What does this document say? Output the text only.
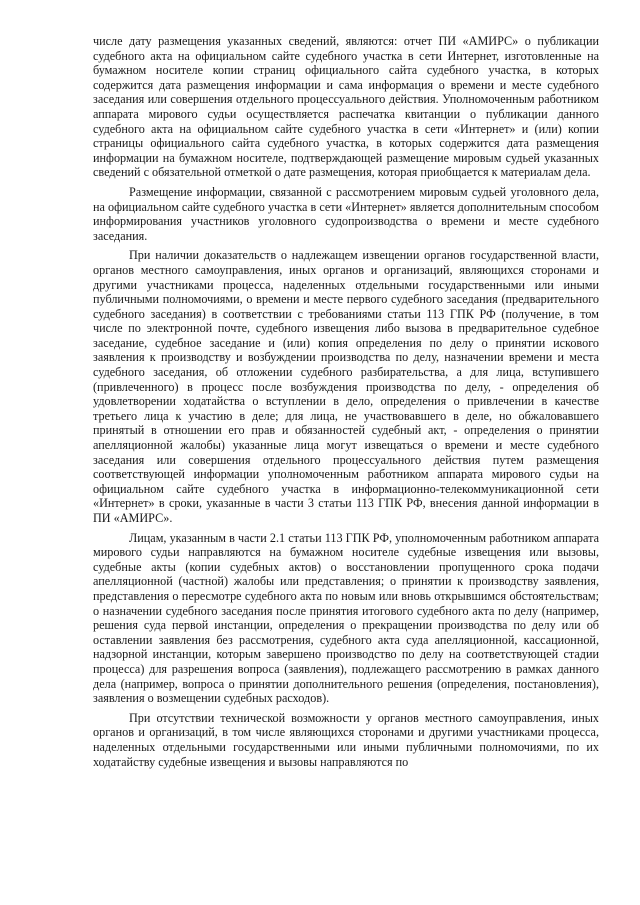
числе дату размещения указанных сведений, являются: отчет ПИ «АМИРС» о публикации судебного акта на официальном сайте судебного участка в сети Интернет, изготовленные на бумажном носителе копии страниц официального сайта судебного участка, в которых содержится дата размещения информации и сама информация о времени и месте судебного заседания или совершения отдельного процессуального действия. Уполномоченным работником аппарата мирового судьи осуществляется распечатка квитанции о публикации данного судебного акта на официальном сайте судебного участка в сети «Интернет» и (или) копии страницы официального сайта судебного участка, в которых содержится дата размещения информации на бумажном носителе, подтверждающей размещение мировым судьей указанных сведений с обязательной отметкой о дате размещения, которая приобщается к материалам дела.

Размещение информации, связанной с рассмотрением мировым судьей уголовного дела, на официальном сайте судебного участка в сети «Интернет» является дополнительным способом информирования участников уголовного судопроизводства о времени и месте судебного заседания.

При наличии доказательств о надлежащем извещении органов государственной власти, органов местного самоуправления, иных органов и организаций, являющихся сторонами и другими участниками процесса, наделенных отдельными государственными или иными публичными полномочиями, о времени и месте первого судебного заседания (предварительного судебного заседания) в соответствии с требованиями статьи 113 ГПК РФ (получение, в том числе по электронной почте, судебного извещения либо вызова в предварительное судебное заседание, судебное заседание и (или) копия определения по делу о принятии искового заявления к производству и возбуждении производства по делу, назначении времени и места судебного заседания, об отложении судебного разбирательства, а для лица, вступившего (привлеченного) в процесс после возбуждения производства по делу, - определения об удовлетворении ходатайства о вступлении в дело, определения о привлечении в качестве третьего лица к участию в деле; для лица, не участвовавшего в деле, но обжаловавшего принятый в отношении его прав и обязанностей судебный акт, - определения о принятии апелляционной жалобы) указанные лица могут извещаться о времени и месте судебного заседания или совершения отдельного процессуального действия путем размещения соответствующей информации уполномоченным работником аппарата мирового судьи на официальном сайте судебного участка в информационно-телекоммуникационной сети «Интернет» в сроки, указанные в части 3 статьи 113 ГПК РФ, внесения данной информации в ПИ «АМИРС».

Лицам, указанным в части 2.1 статьи 113 ГПК РФ, уполномоченным работником аппарата мирового судьи направляются на бумажном носителе судебные извещения или вызовы, судебные акты (копии судебных актов) о восстановлении пропущенного срока подачи апелляционной (частной) жалобы или представления; о принятии к производству заявления, представления о пересмотре судебного акта по новым или вновь открывшимся обстоятельствам; о назначении судебного заседания после принятия итогового судебного акта по делу (например, решения суда первой инстанции, определения о прекращении производства по делу или об оставлении заявления без рассмотрения, судебного акта суда апелляционной, кассационной, надзорной инстанции, которым завершено производство по делу на соответствующей стадии процесса) для разрешения вопроса (заявления), подлежащего рассмотрению в рамках данного дела (например, вопроса о принятии дополнительного решения (определения, постановления), заявления о возмещении судебных расходов).

При отсутствии технической возможности у органов местного самоуправления, иных органов и организаций, в том числе являющихся сторонами и другими участниками процесса, наделенных отдельными государственными или иными публичными полномочиями, по их ходатайству судебные извещения и вызовы направляются по
